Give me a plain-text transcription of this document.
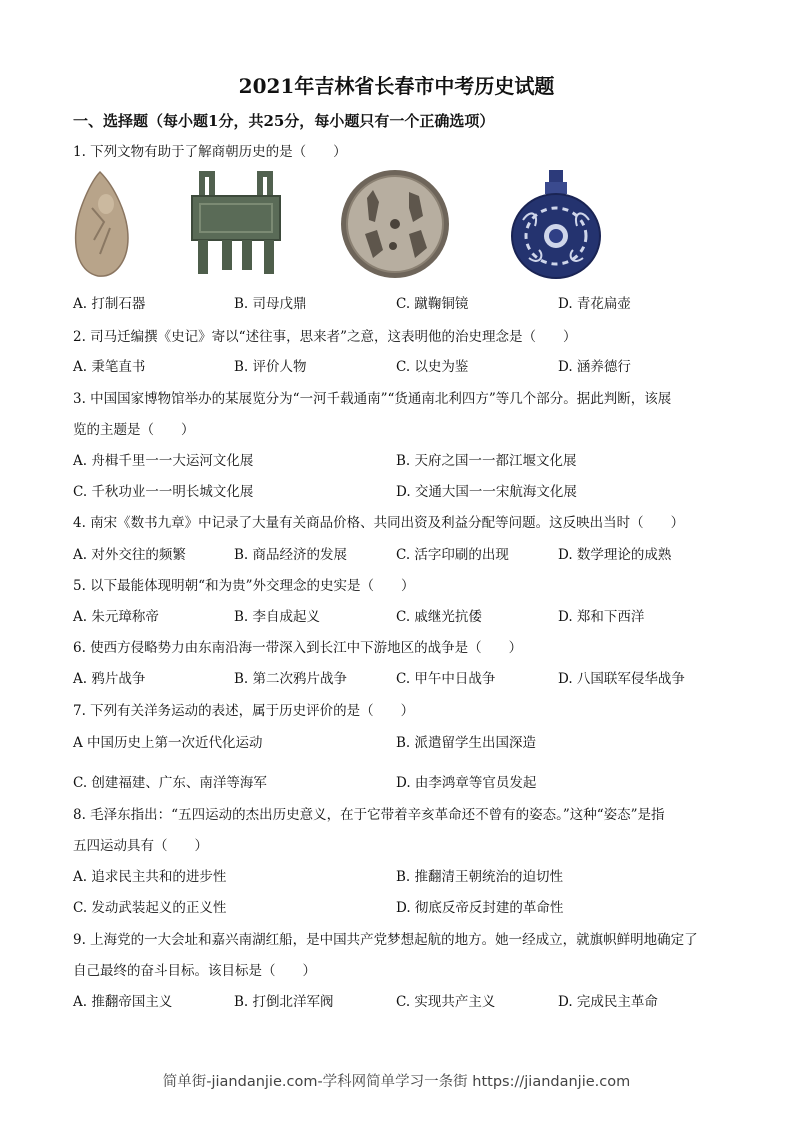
2021年吉林省长春市中考历史试题
一、选择题（每小题1分，共25分，每小题只有一个正确选项）
1. 下列文物有助于了解商朝历史的是（　　）
A. 打制石器	B. 司母戊鼎	C. 蹴鞠铜镜	D. 青花扁壶
2. 司马迁编撰《史记》寄以“述往事，思来者”之意，这表明他的治史理念是（　　）
A. 秉笔直书	B. 评价人物	C. 以史为鉴	D. 涵养德行
3. 中国国家博物馆举办的某展览分为“一河千载通南”“货通南北利四方”等几个部分。据此判断，该展
览的主题是（　　）
A. 舟楫千里一一大运河文化展	B. 天府之国一一都江堰文化展
C. 千秋功业一一明长城文化展	D. 交通大国一一宋航海文化展
4. 南宋《数书九章》中记录了大量有关商品价格、共同出资及利益分配等问题。这反映出当时（　　）
A. 对外交往的频繁	B. 商品经济的发展	C. 活字印刷的出现	D. 数学理论的成熟
5. 以下最能体现明朝“和为贵”外交理念的史实是（　　）
A. 朱元璋称帝	B. 李自成起义	C. 戚继光抗倭	D. 郑和下西洋
6. 使西方侵略势力由东南沿海一带深入到长江中下游地区的战争是（　　）
A. 鸦片战争	B. 第二次鸦片战争	C. 甲午中日战争	D. 八国联军侵华战争
7. 下列有关洋务运动的表述，属于历史评价的是（　　）
A 中国历史上第一次近代化运动	B. 派遣留学生出国深造
C. 创建福建、广东、南洋等海军	D. 由李鸿章等官员发起
8. 毛泽东指出：“五四运动的杰出历史意义，在于它带着辛亥革命还不曾有的姿态。”这种“姿态”是指
五四运动具有（　　）
A. 追求民主共和的进步性	B. 推翻清王朝统治的迫切性
C. 发动武装起义的正义性	D. 彻底反帝反封建的革命性
9. 上海党的一大会址和嘉兴南湖红船，是中国共产党梦想起航的地方。她一经成立，就旗帜鲜明地确定了
自己最终的奋斗目标。该目标是（　　）
A. 推翻帝国主义	B. 打倒北洋军阀	C. 实现共产主义	D. 完成民主革命
简单街-jiandanjie.com-学科网简单学习一条街 https://jiandanjie.com
